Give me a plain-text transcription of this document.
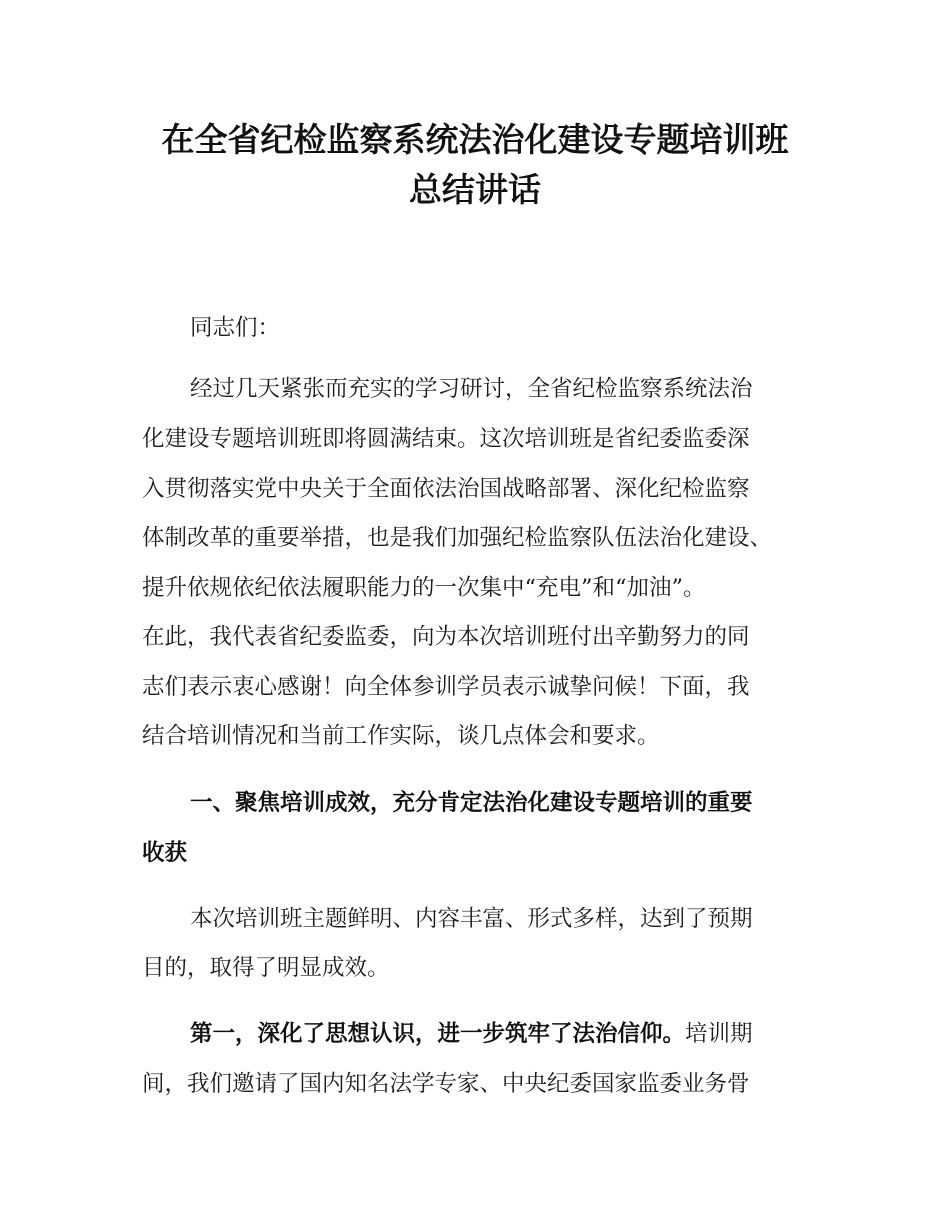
在全省纪检监察系统法治化建设专题培训班
总结讲话
同志们：
经过几天紧张而充实的学习研讨，全省纪检监察系统法治
化建设专题培训班即将圆满结束。这次培训班是省纪委监委深
入贯彻落实党中央关于全面依法治国战略部署、深化纪检监察
体制改革的重要举措，也是我们加强纪检监察队伍法治化建设、
提升依规依纪依法履职能力的一次集中“充电”和“加油”。
在此，我代表省纪委监委，向为本次培训班付出辛勤努力的同
志们表示衷心感谢！向全体参训学员表示诚挚问候！下面，我
结合培训情况和当前工作实际，谈几点体会和要求。
一、聚焦培训成效，充分肯定法治化建设专题培训的重要
收获
本次培训班主题鲜明、内容丰富、形式多样，达到了预期
目的，取得了明显成效。
第一，深化了思想认识，进一步筑牢了法治信仰。培训期
间，我们邀请了国内知名法学专家、中央纪委国家监委业务骨
